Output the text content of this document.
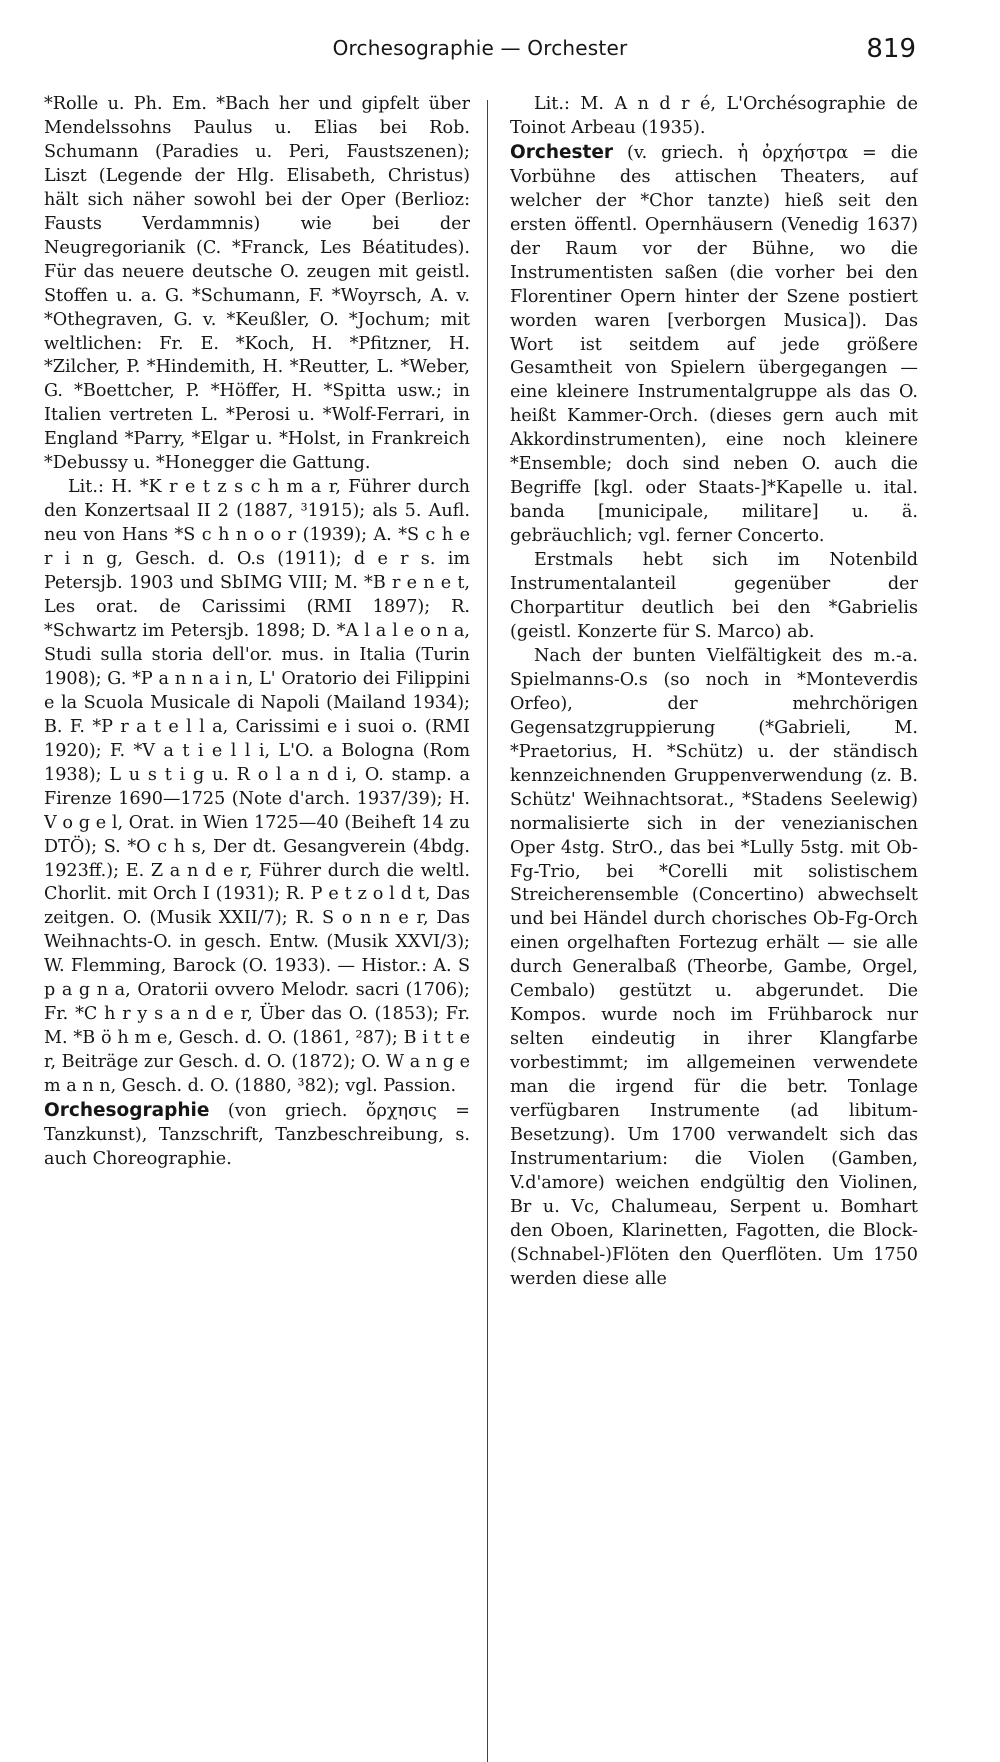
Orchesographie — Orchester	819

*Rolle u. Ph. Em. *Bach her und gipfelt über Mendelssohns Paulus u. Elias bei Rob. Schumann (Paradies u. Peri, Faustszenen); Liszt (Legende der Hlg. Elisabeth, Christus) hält sich näher sowohl bei der Oper (Berlioz: Fausts Verdammnis) wie bei der Neugregorianik (C. *Franck, Les Béatitudes). Für das neuere deutsche O. zeugen mit geistl. Stoffen u. a. G. *Schumann, F. *Woyrsch, A. v. *Othegraven, G. v. *Keußler, O. *Jochum; mit weltlichen: Fr. E. *Koch, H. *Pfitzner, H. *Zilcher, P. *Hindemith, H. *Reutter, L. *Weber, G. *Boettcher, P. *Höffer, H. *Spitta usw.; in Italien vertreten L. *Perosi u. *Wolf-Ferrari, in England *Parry, *Elgar u. *Holst, in Frankreich *Debussy u. *Honegger die Gattung.

Lit.: H. *K r e t z s c h m a r, Führer durch den Konzertsaal II 2 (1887, ³1915); als 5. Aufl. neu von Hans *S c h n o o r (1939); A. *S c h e r i n g, Gesch. d. O.s (1911); d e r s. im Petersjb. 1903 und SbIMG VIII; M. *B r e n e t, Les orat. de Carissimi (RMI 1897); R. *Schwartz im Petersjb. 1898; D. *A l a l e o n a, Studi sulla storia dell'or. mus. in Italia (Turin 1908); G. *P a n n a i n, L' Oratorio dei Filippini e la Scuola Musicale di Napoli (Mailand 1934); B. F. *P r a t e l l a, Carissimi e i suoi o. (RMI 1920); F. *V a t i e l l i, L'O. a Bologna (Rom 1938); L u s t i g u. R o l a n d i, O. stamp. a Firenze 1690—1725 (Note d'arch. 1937/39); H. V o g e l, Orat. in Wien 1725—40 (Beiheft 14 zu DTÖ); S. *O c h s, Der dt. Gesangverein (4bdg. 1923ff.); E. Z a n d e r, Führer durch die weltl. Chorlit. mit Orch I (1931); R. P e t z o l d t, Das zeitgen. O. (Musik XXII/7); R. S o n n e r, Das Weihnachts-O. in gesch. Entw. (Musik XXVI/3); W. Flemming, Barock (O. 1933). — Histor.: A. S p a g n a, Oratorii ovvero Melodr. sacri (1706); Fr. *C h r y s a n d e r, Über das O. (1853); Fr. M. *B ö h m e, Gesch. d. O. (1861, ²87); B i t t e r, Beiträge zur Gesch. d. O. (1872); O. W a n g e m a n n, Gesch. d. O. (1880, ³82); vgl. Passion.

Orchesographie (von griech. ὄρχησις = Tanzkunst), Tanzschrift, Tanzbeschreibung, s. auch Choreographie.

Lit.: M. A n d r é, L'Orchésographie de Toinot Arbeau (1935).

Orchester (v. griech. ἡ ὀρχήστρα = die Vorbühne des attischen Theaters, auf welcher der *Chor tanzte) hieß seit den ersten öffentl. Opernhäusern (Venedig 1637) der Raum vor der Bühne, wo die Instrumentisten saßen (die vorher bei den Florentiner Opern hinter der Szene postiert worden waren [verborgen Musica]). Das Wort ist seitdem auf jede größere Gesamtheit von Spielern übergegangen — eine kleinere Instrumentalgruppe als das O. heißt Kammer-Orch. (dieses gern auch mit Akkordinstrumenten), eine noch kleinere *Ensemble; doch sind neben O. auch die Begriffe [kgl. oder Staats-]*Kapelle u. ital. banda [municipale, militare] u. ä. gebräuchlich; vgl. ferner Concerto.

Erstmals hebt sich im Notenbild Instrumentalanteil gegenüber der Chorpartitur deutlich bei den *Gabrielis (geistl. Konzerte für S. Marco) ab.

Nach der bunten Vielfältigkeit des m.-a. Spielmanns-O.s (so noch in *Monteverdis Orfeo), der mehrchörigen Gegensatzgruppierung (*Gabrieli, M. *Praetorius, H. *Schütz) u. der ständisch kennzeichnenden Gruppenverwendung (z. B. Schütz' Weihnachtsorat., *Stadens Seelewig) normalisierte sich in der venezianischen Oper 4stg. StrO., das bei *Lully 5stg. mit Ob-Fg-Trio, bei *Corelli mit solistischem Streicherensemble (Concertino) abwechselt und bei Händel durch chorisches Ob-Fg-Orch einen orgelhaften Fortezug erhält — sie alle durch Generalbaß (Theorbe, Gambe, Orgel, Cembalo) gestützt u. abgerundet. Die Kompos. wurde noch im Frühbarock nur selten eindeutig in ihrer Klangfarbe vorbestimmt; im allgemeinen verwendete man die irgend für die betr. Tonlage verfügbaren Instrumente (ad libitum-Besetzung). Um 1700 verwandelt sich das Instrumentarium: die Violen (Gamben, V.d'amore) weichen endgültig den Violinen, Br u. Vc, Chalumeau, Serpent u. Bomhart den Oboen, Klarinetten, Fagotten, die Block-(Schnabel-)Flöten den Querflöten. Um 1750 werden diese alle
